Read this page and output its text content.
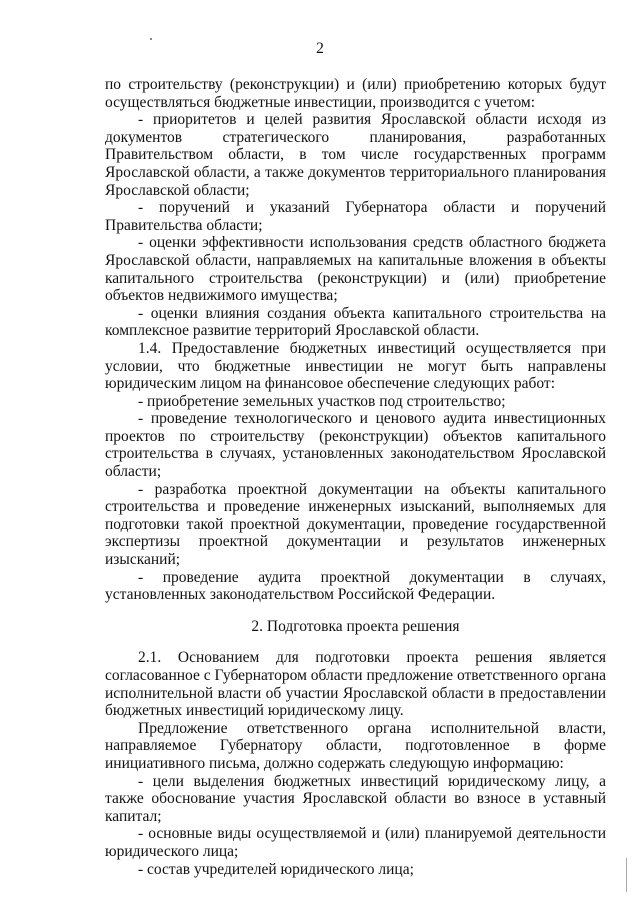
2

по строительству (реконструкции) и (или) приобретению которых будут осуществляться бюджетные инвестиции, производится с учетом:

- приоритетов и целей развития Ярославской области исходя из документов стратегического планирования, разработанных Правительством области, в том числе государственных программ Ярославской области, а также документов территориального планирования Ярославской области;

- поручений и указаний Губернатора области и поручений Правительства области;

- оценки эффективности использования средств областного бюджета Ярославской области, направляемых на капитальные вложения в объекты капитального строительства (реконструкции) и (или) приобретение объектов недвижимого имущества;

- оценки влияния создания объекта капитального строительства на комплексное развитие территорий Ярославской области.

1.4. Предоставление бюджетных инвестиций осуществляется при условии, что бюджетные инвестиции не могут быть направлены юридическим лицом на финансовое обеспечение следующих работ:

- приобретение земельных участков под строительство;

- проведение технологического и ценового аудита инвестиционных проектов по строительству (реконструкции) объектов капитального строительства в случаях, установленных законодательством Ярославской области;

- разработка проектной документации на объекты капитального строительства и проведение инженерных изысканий, выполняемых для подготовки такой проектной документации, проведение государственной экспертизы проектной документации и результатов инженерных изысканий;

- проведение аудита проектной документации в случаях, установленных законодательством Российской Федерации.

2. Подготовка проекта решения

2.1. Основанием для подготовки проекта решения является согласованное с Губернатором области предложение ответственного органа исполнительной власти об участии Ярославской области в предоставлении бюджетных инвестиций юридическому лицу.

Предложение ответственного органа исполнительной власти, направляемое Губернатору области, подготовленное в форме инициативного письма, должно содержать следующую информацию:

- цели выделения бюджетных инвестиций юридическому лицу, а также обоснование участия Ярославской области во взносе в уставный капитал;

- основные виды осуществляемой и (или) планируемой деятельности юридического лица;

- состав учредителей юридического лица;
